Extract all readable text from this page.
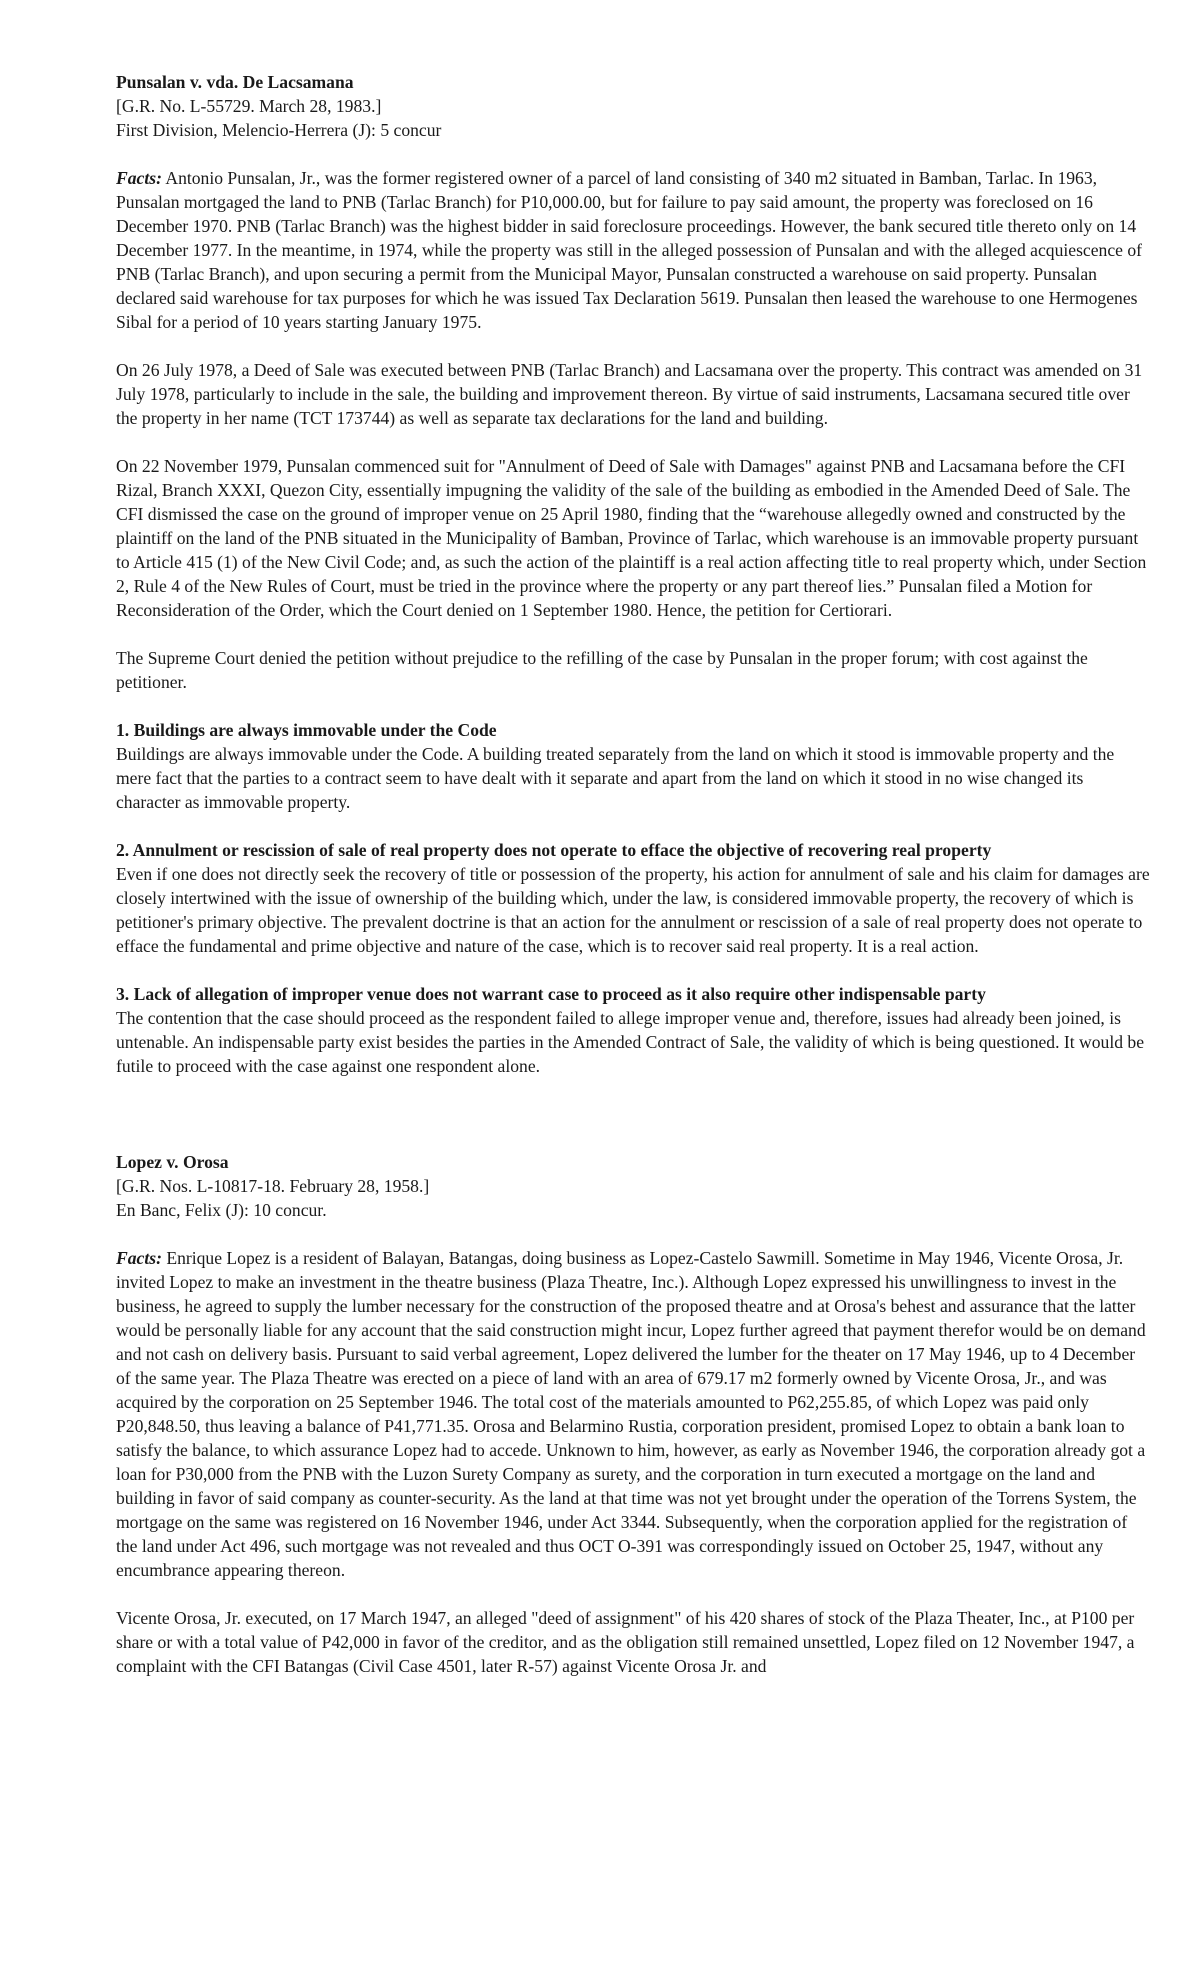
Punsalan v. vda. De Lacsamana
[G.R. No. L-55729. March 28, 1983.]
First Division, Melencio-Herrera (J): 5 concur

Facts: Antonio Punsalan, Jr., was the former registered owner of a parcel of land consisting of 340 m2 situated in Bamban, Tarlac. In 1963, Punsalan mortgaged the land to PNB (Tarlac Branch) for P10,000.00, but for failure to pay said amount, the property was foreclosed on 16 December 1970. PNB (Tarlac Branch) was the highest bidder in said foreclosure proceedings. However, the bank secured title thereto only on 14 December 1977. In the meantime, in 1974, while the property was still in the alleged possession of Punsalan and with the alleged acquiescence of PNB (Tarlac Branch), and upon securing a permit from the Municipal Mayor, Punsalan constructed a warehouse on said property. Punsalan declared said warehouse for tax purposes for which he was issued Tax Declaration 5619. Punsalan then leased the warehouse to one Hermogenes Sibal for a period of 10 years starting January 1975.

On 26 July 1978, a Deed of Sale was executed between PNB (Tarlac Branch) and Lacsamana over the property. This contract was amended on 31 July 1978, particularly to include in the sale, the building and improvement thereon. By virtue of said instruments, Lacsamana secured title over the property in her name (TCT 173744) as well as separate tax declarations for the land and building.

On 22 November 1979, Punsalan commenced suit for "Annulment of Deed of Sale with Damages" against PNB and Lacsamana before the CFI Rizal, Branch XXXI, Quezon City, essentially impugning the validity of the sale of the building as embodied in the Amended Deed of Sale. The CFI dismissed the case on the ground of improper venue on 25 April 1980, finding that the “warehouse allegedly owned and constructed by the plaintiff on the land of the PNB situated in the Municipality of Bamban, Province of Tarlac, which warehouse is an immovable property pursuant to Article 415 (1) of the New Civil Code; and, as such the action of the plaintiff is a real action affecting title to real property which, under Section 2, Rule 4 of the New Rules of Court, must be tried in the province where the property or any part thereof lies.” Punsalan filed a Motion for Reconsideration of the Order, which the Court denied on 1 September 1980. Hence, the petition for Certiorari.

The Supreme Court denied the petition without prejudice to the refilling of the case by Punsalan in the proper forum; with cost against the petitioner.

1. Buildings are always immovable under the Code

Buildings are always immovable under the Code. A building treated separately from the land on which it stood is immovable property and the mere fact that the parties to a contract seem to have dealt with it separate and apart from the land on which it stood in no wise changed its character as immovable property.

2. Annulment or rescission of sale of real property does not operate to efface the objective of recovering real property

Even if one does not directly seek the recovery of title or possession of the property, his action for annulment of sale and his claim for damages are closely intertwined with the issue of ownership of the building which, under the law, is considered immovable property, the recovery of which is petitioner's primary objective. The prevalent doctrine is that an action for the annulment or rescission of a sale of real property does not operate to efface the fundamental and prime objective and nature of the case, which is to recover said real property. It is a real action.

3. Lack of allegation of improper venue does not warrant case to proceed as it also require other indispensable party

The contention that the case should proceed as the respondent failed to allege improper venue and, therefore, issues had already been joined, is untenable. An indispensable party exist besides the parties in the Amended Contract of Sale, the validity of which is being questioned. It would be futile to proceed with the case against one respondent alone.

Lopez v. Orosa
[G.R. Nos. L-10817-18. February 28, 1958.]
En Banc, Felix (J): 10 concur.

Facts: Enrique Lopez is a resident of Balayan, Batangas, doing business as Lopez-Castelo Sawmill. Sometime in May 1946, Vicente Orosa, Jr. invited Lopez to make an investment in the theatre business (Plaza Theatre, Inc.). Although Lopez expressed his unwillingness to invest in the business, he agreed to supply the lumber necessary for the construction of the proposed theatre and at Orosa's behest and assurance that the latter would be personally liable for any account that the said construction might incur, Lopez further agreed that payment therefor would be on demand and not cash on delivery basis. Pursuant to said verbal agreement, Lopez delivered the lumber for the theater on 17 May 1946, up to 4 December of the same year. The Plaza Theatre was erected on a piece of land with an area of 679.17 m2 formerly owned by Vicente Orosa, Jr., and was acquired by the corporation on 25 September 1946. The total cost of the materials amounted to P62,255.85, of which Lopez was paid only P20,848.50, thus leaving a balance of P41,771.35. Orosa and Belarmino Rustia, corporation president, promised Lopez to obtain a bank loan to satisfy the balance, to which assurance Lopez had to accede. Unknown to him, however, as early as November 1946, the corporation already got a loan for P30,000 from the PNB with the Luzon Surety Company as surety, and the corporation in turn executed a mortgage on the land and building in favor of said company as counter-security. As the land at that time was not yet brought under the operation of the Torrens System, the mortgage on the same was registered on 16 November 1946, under Act 3344. Subsequently, when the corporation applied for the registration of the land under Act 496, such mortgage was not revealed and thus OCT O-391 was correspondingly issued on October 25, 1947, without any encumbrance appearing thereon.

Vicente Orosa, Jr. executed, on 17 March 1947, an alleged "deed of assignment" of his 420 shares of stock of the Plaza Theater, Inc., at P100 per share or with a total value of P42,000 in favor of the creditor, and as the obligation still remained unsettled, Lopez filed on 12 November 1947, a complaint with the CFI Batangas (Civil Case 4501, later R-57) against Vicente Orosa Jr. and
